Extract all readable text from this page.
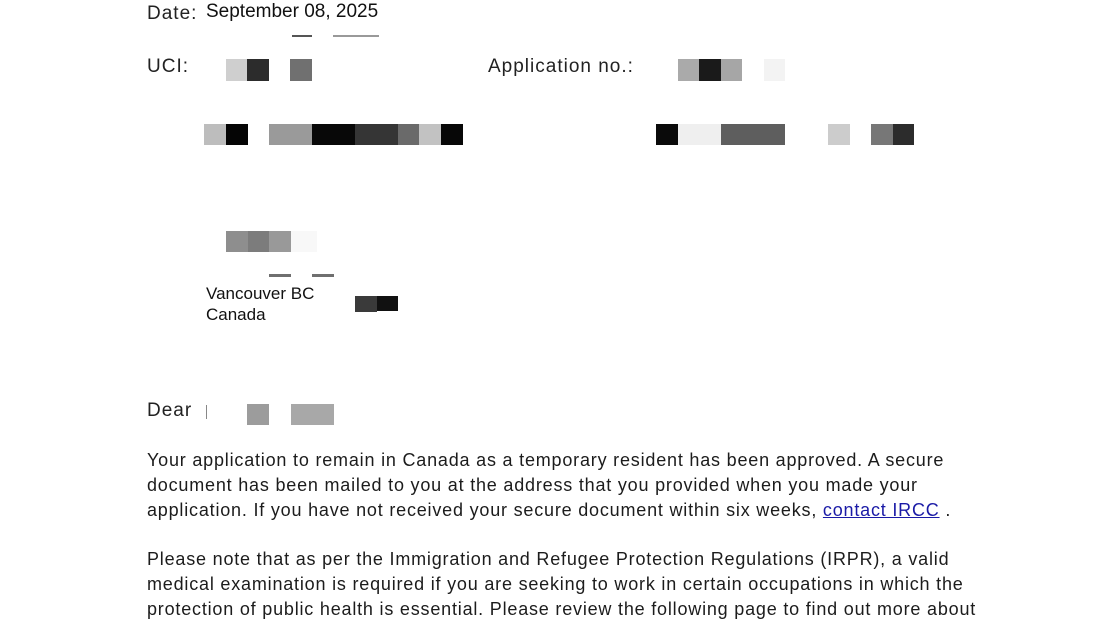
Date: September 08, 2025
UCI:	Application no.:
Vancouver BC
Canada
Dear
Your application to remain in Canada as a temporary resident has been approved. A secure
document has been mailed to you at the address that you provided when you made your
application. If you have not received your secure document within six weeks, contact IRCC .
Please note that as per the Immigration and Refugee Protection Regulations (IRPR), a valid
medical examination is required if you are seeking to work in certain occupations in which the
protection of public health is essential. Please review the following page to find out more about
